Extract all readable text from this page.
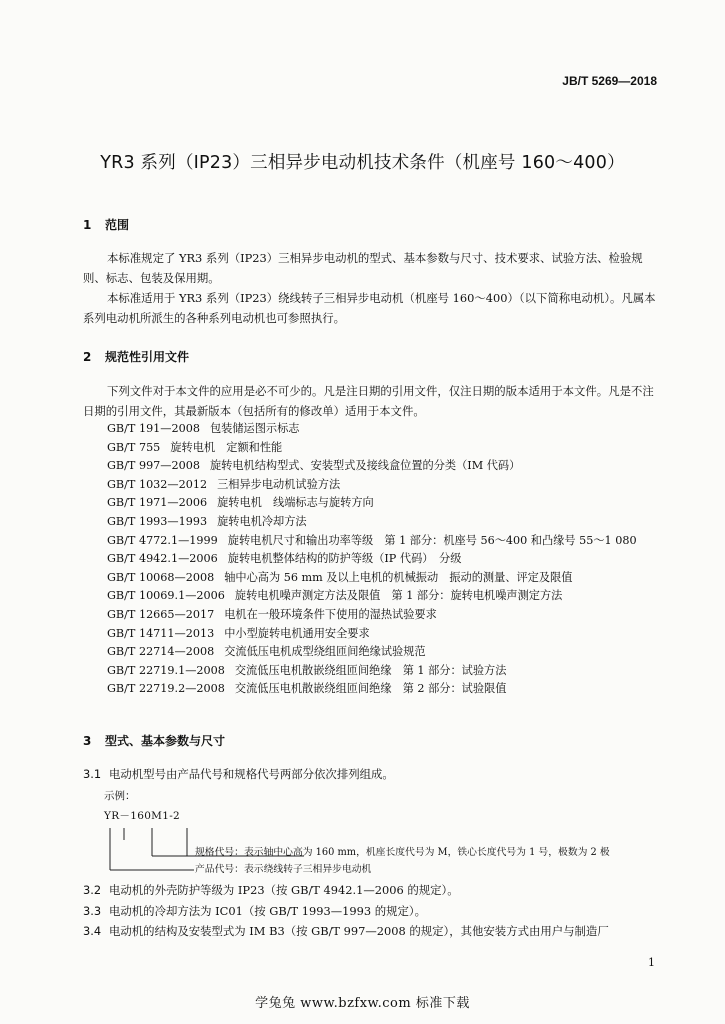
JB/T 5269—2018
YR3 系列（IP23）三相异步电动机技术条件（机座号 160～400）
1 范围

本标准规定了 YR3 系列（IP23）三相异步电动机的型式、基本参数与尺寸、技术要求、试验方法、检验规则、标志、包装及保用期。

本标准适用于 YR3 系列（IP23）绕线转子三相异步电动机（机座号 160～400）（以下简称电动机）。凡属本系列电动机所派生的各种系列电动机也可参照执行。

2 规范性引用文件

下列文件对于本文件的应用是必不可少的。凡是注日期的引用文件，仅注日期的版本适用于本文件。凡是不注日期的引用文件，其最新版本（包括所有的修改单）适用于本文件。

GB/T 191—2008 包装储运图示标志
GB/T 755 旋转电机　定额和性能
GB/T 997—2008 旋转电机结构型式、安装型式及接线盒位置的分类（IM 代码）
GB/T 1032—2012 三相异步电动机试验方法
GB/T 1971—2006 旋转电机　线端标志与旋转方向
GB/T 1993—1993 旋转电机冷却方法
GB/T 4772.1—1999 旋转电机尺寸和输出功率等级　第 1 部分：机座号 56～400 和凸缘号 55～1 080
GB/T 4942.1—2006 旋转电机整体结构的防护等级（IP 代码）　分级
GB/T 10068—2008 轴中心高为 56 mm 及以上电机的机械振动　振动的测量、评定及限值
GB/T 10069.1—2006 旋转电机噪声测定方法及限值　第 1 部分：旋转电机噪声测定方法
GB/T 12665—2017 电机在一般环境条件下使用的湿热试验要求
GB/T 14711—2013 中小型旋转电机通用安全要求
GB/T 22714—2008 交流低压电机成型绕组匝间绝缘试验规范
GB/T 22719.1—2008 交流低压电机散嵌绕组匝间绝缘　第 1 部分：试验方法
GB/T 22719.2—2008 交流低压电机散嵌绕组匝间绝缘　第 2 部分：试验限值
3 型式、基本参数与尺寸
3.1 电动机型号由产品代号和规格代号两部分依次排列组成。
示例：
YR－160M1-2
规格代号：表示轴中心高为 160 mm，机座长度代号为 M，铁心长度代号为 1 号，极数为 2 极
产品代号：表示绕线转子三相异步电动机
3.2 电动机的外壳防护等级为 IP23（按 GB/T 4942.1—2006 的规定）。
3.3 电动机的冷却方法为 IC01（按 GB/T 1993—1993 的规定）。
3.4 电动机的结构及安装型式为 IM B3（按 GB/T 997—2008 的规定），其他安装方式由用户与制造厂
1
学兔兔 www.bzfxw.com 标准下载
